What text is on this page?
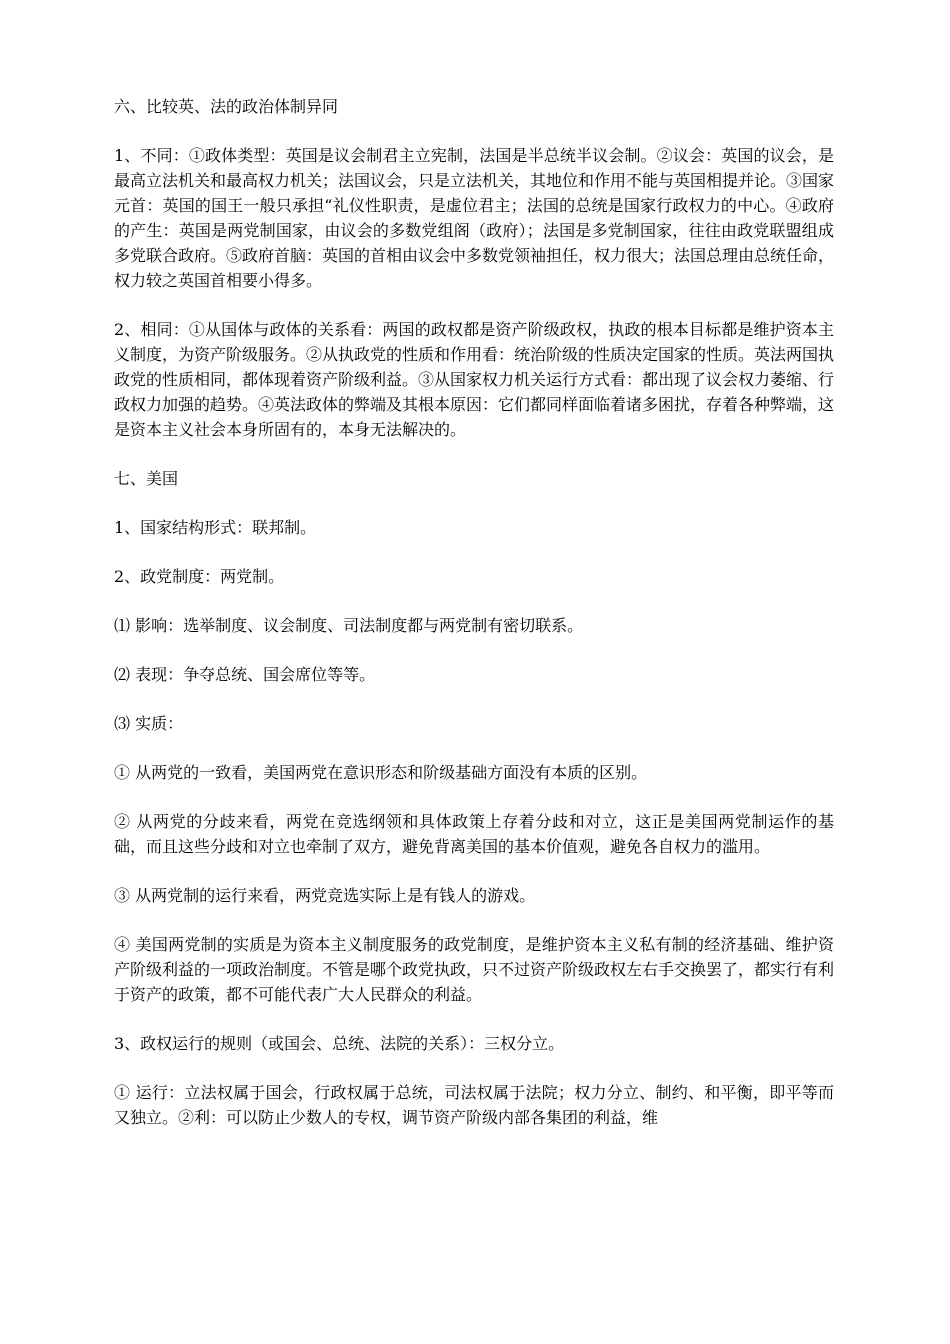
六、比较英、法的政治体制异同

1、不同：①政体类型：英国是议会制君主立宪制，法国是半总统半议会制。②议会：英国的议会，是最高立法机关和最高权力机关；法国议会，只是立法机关，其地位和作用不能与英国相提并论。③国家元首：英国的国王一般只承担“礼仪性职责，是虚位君主；法国的总统是国家行政权力的中心。④政府的产生：英国是两党制国家，由议会的多数党组阁（政府）；法国是多党制国家，往往由政党联盟组成多党联合政府。⑤政府首脑：英国的首相由议会中多数党领袖担任，权力很大；法国总理由总统任命，权力较之英国首相要小得多。

2、相同：①从国体与政体的关系看：两国的政权都是资产阶级政权，执政的根本目标都是维护资本主义制度，为资产阶级服务。②从执政党的性质和作用看：统治阶级的性质决定国家的性质。英法两国执政党的性质相同，都体现着资产阶级利益。③从国家权力机关运行方式看：都出现了议会权力萎缩、行政权力加强的趋势。④英法政体的弊端及其根本原因：它们都同样面临着诸多困扰，存着各种弊端，这是资本主义社会本身所固有的，本身无法解决的。

七、美国

1、国家结构形式：联邦制。

2、政党制度：两党制。

⑴ 影响：选举制度、议会制度、司法制度都与两党制有密切联系。

⑵ 表现：争夺总统、国会席位等等。

⑶ 实质：

① 从两党的一致看，美国两党在意识形态和阶级基础方面没有本质的区别。

② 从两党的分歧来看，两党在竞选纲领和具体政策上存着分歧和对立，这正是美国两党制运作的基础，而且这些分歧和对立也牵制了双方，避免背离美国的基本价值观，避免各自权力的滥用。

③ 从两党制的运行来看，两党竞选实际上是有钱人的游戏。

④ 美国两党制的实质是为资本主义制度服务的政党制度，是维护资本主义私有制的经济基础、维护资产阶级利益的一项政治制度。不管是哪个政党执政，只不过资产阶级政权左右手交换罢了，都实行有利于资产的政策，都不可能代表广大人民群众的利益。

3、政权运行的规则（或国会、总统、法院的关系）：三权分立。

① 运行：立法权属于国会，行政权属于总统，司法权属于法院；权力分立、制约、和平衡，即平等而又独立。②利：可以防止少数人的专权，调节资产阶级内部各集团的利益，维
